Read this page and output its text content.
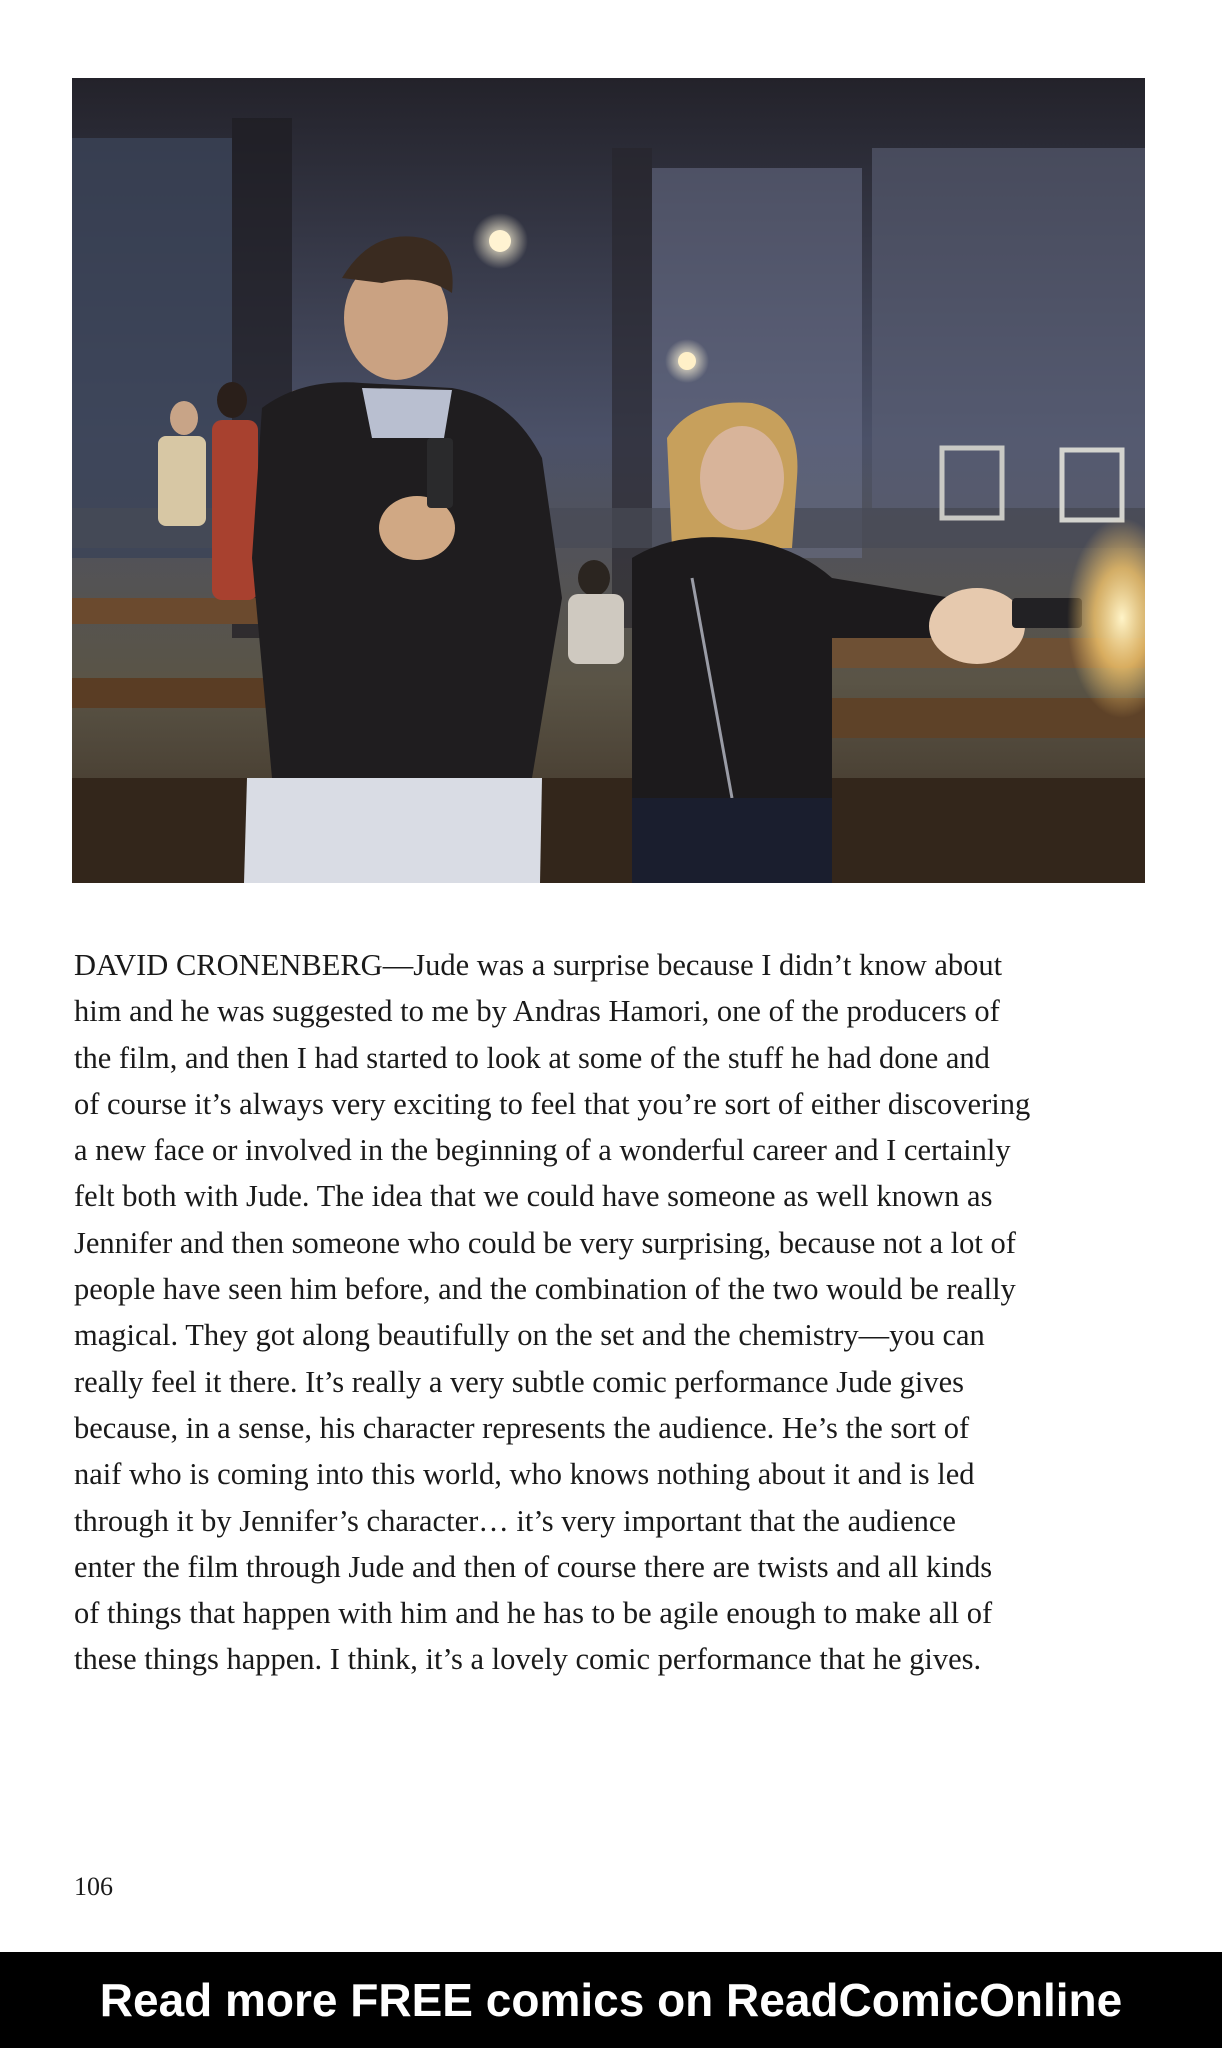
DAVID CRONENBERG—Jude was a surprise because I didn’t know about
him and he was suggested to me by Andras Hamori, one of the producers of
the film, and then I had started to look at some of the stuff he had done and
of course it’s always very exciting to feel that you’re sort of either discovering
a new face or involved in the beginning of a wonderful career and I certainly
felt both with Jude. The idea that we could have someone as well known as
Jennifer and then someone who could be very surprising, because not a lot of
people have seen him before, and the combination of the two would be really
magical. They got along beautifully on the set and the chemistry—you can
really feel it there. It’s really a very subtle comic performance Jude gives
because, in a sense, his character represents the audience. He’s the sort of
naif who is coming into this world, who knows nothing about it and is led
through it by Jennifer’s character… it’s very important that the audience
enter the film through Jude and then of course there are twists and all kinds
of things that happen with him and he has to be agile enough to make all of
these things happen. I think, it’s a lovely comic performance that he gives.

106
Read more FREE comics on ReadComicOnline
